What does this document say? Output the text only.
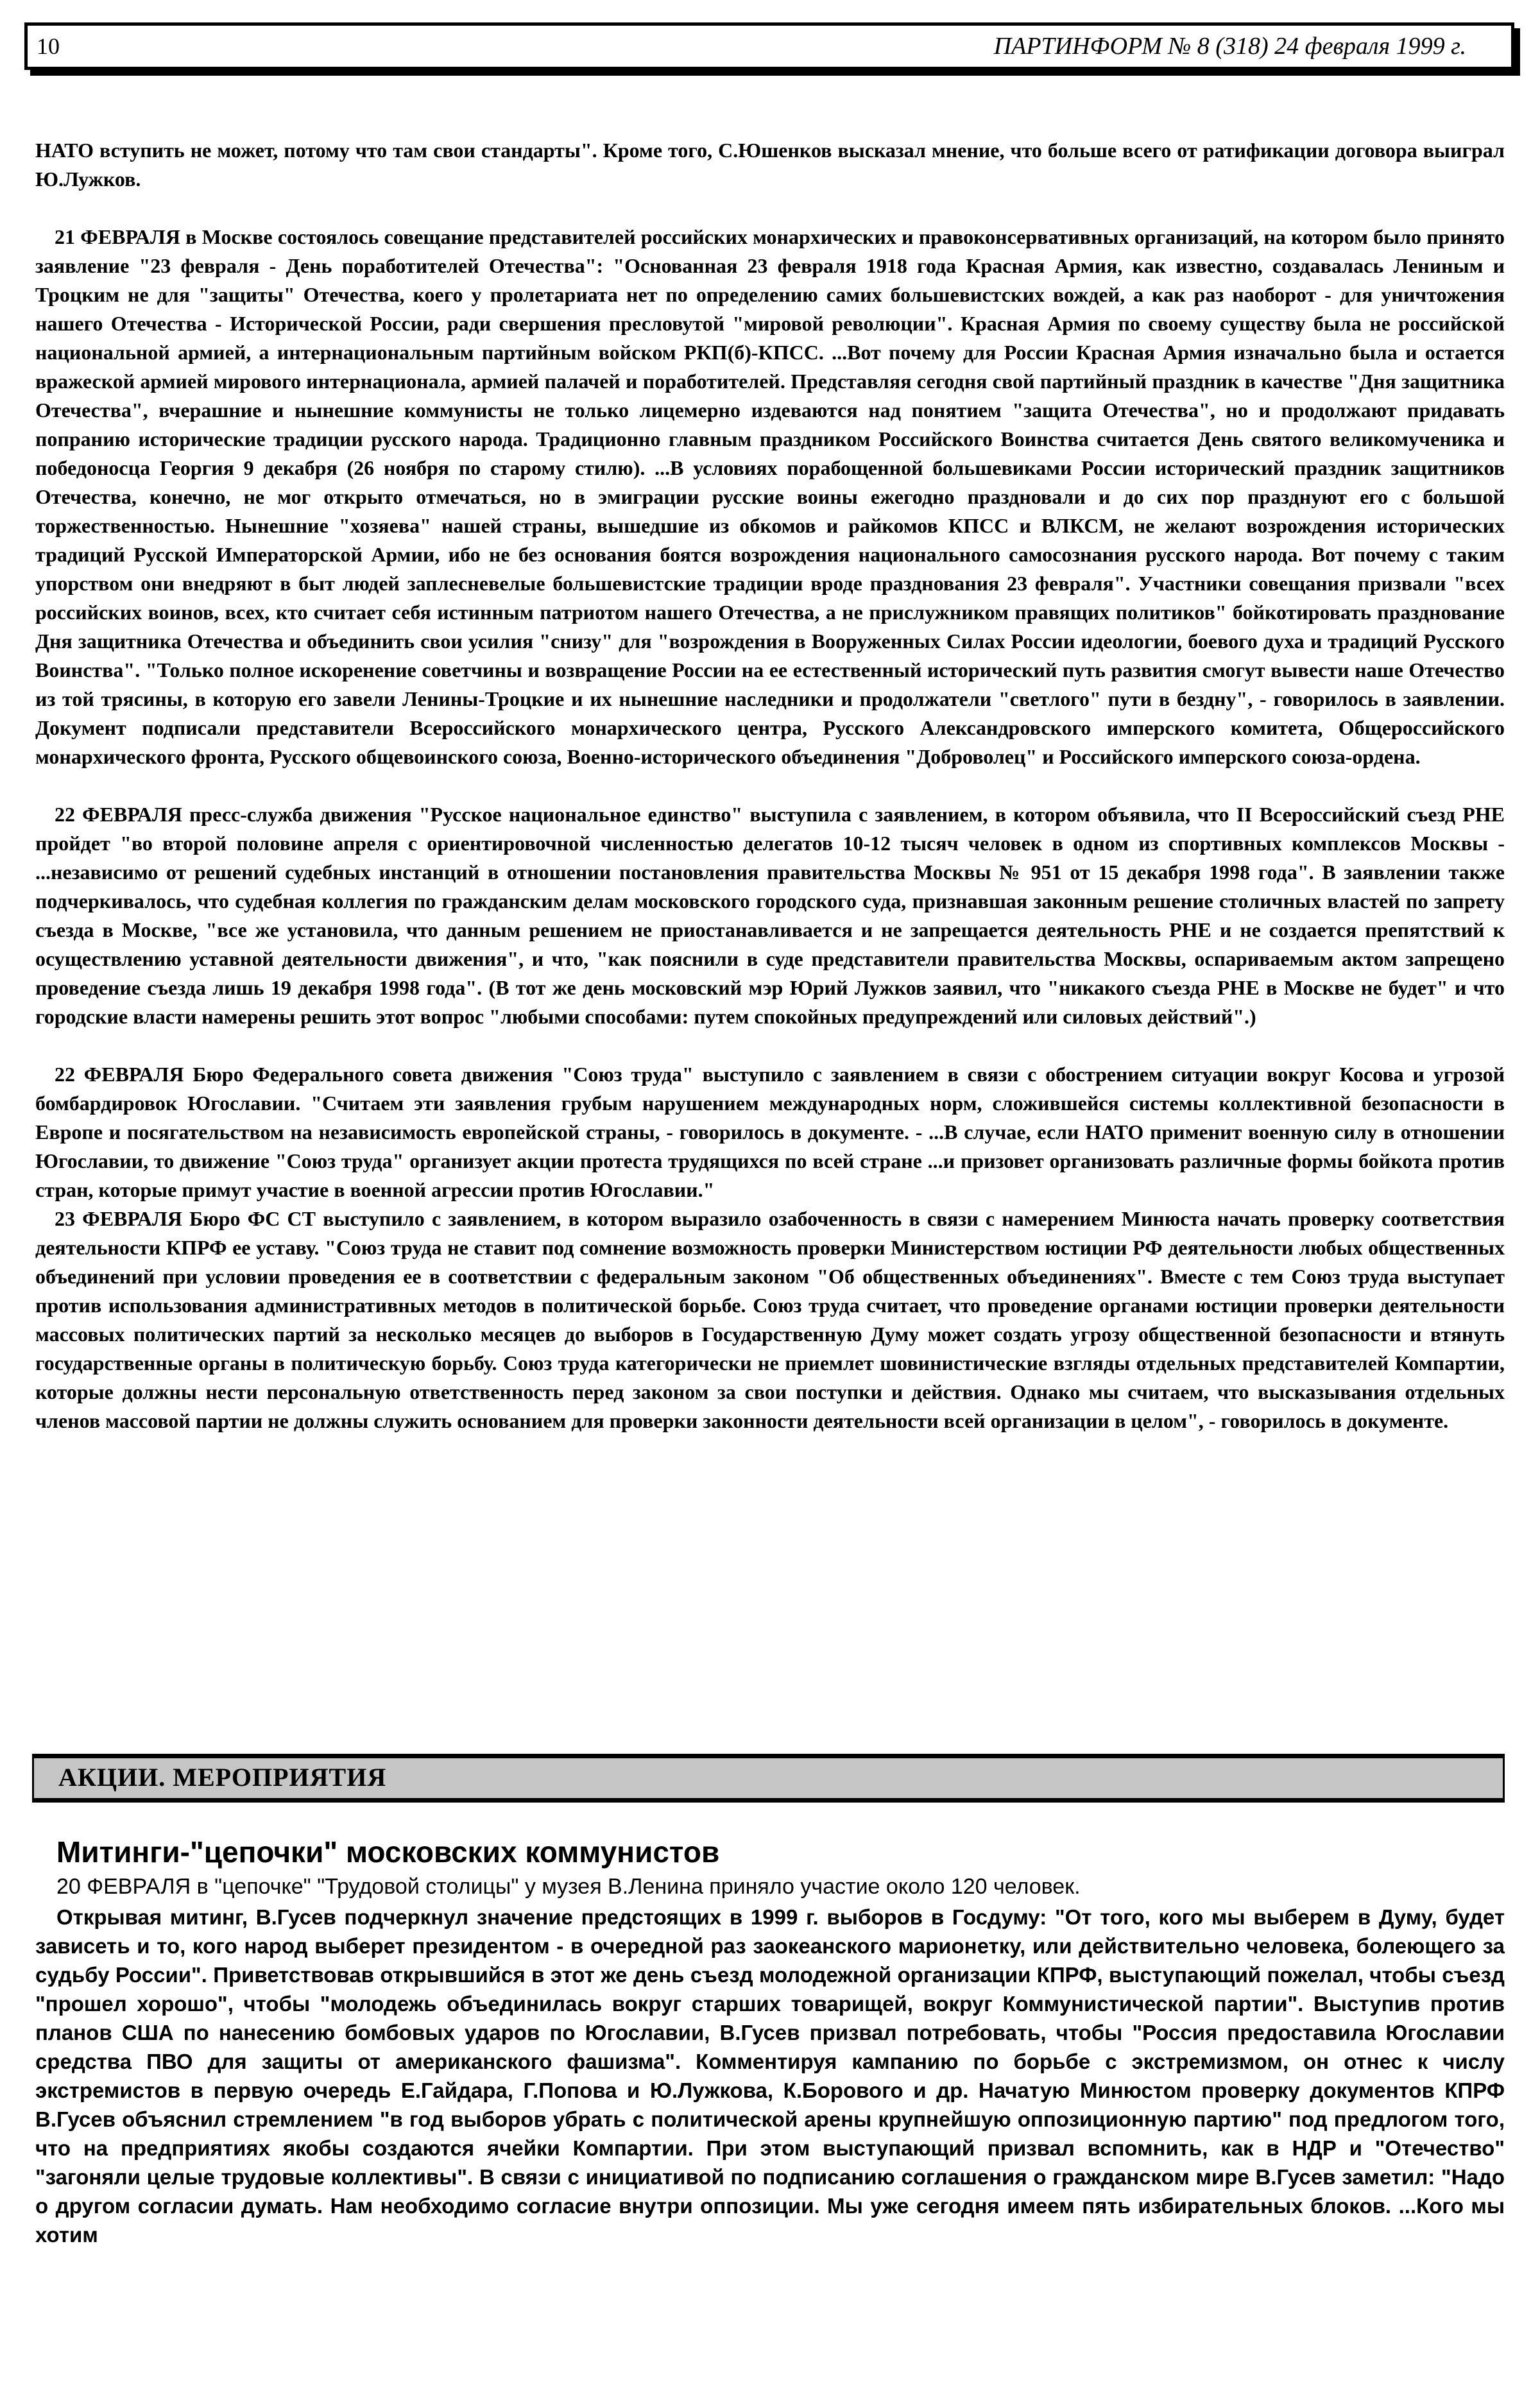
10	ПАРТИНФОРМ № 8 (318) 24 февраля 1999 г.

НАТО вступить не может, потому что там свои стандарты". Кроме того, С.Юшенков высказал мнение, что больше всего от ратификации договора выиграл Ю.Лужков.

21 ФЕВРАЛЯ в Москве состоялось совещание представителей российских монархических и правоконсервативных организаций, на котором было принято заявление "23 февраля - День поработителей Отечества": "Основанная 23 февраля 1918 года Красная Армия, как известно, создавалась Лениным и Троцким не для "защиты" Отечества, коего у пролетариата нет по определению самих большевистских вождей, а как раз наоборот - для уничтожения нашего Отечества - Исторической России, ради свершения пресловутой "мировой революции". Красная Армия по своему существу была не российской национальной армией, а интернациональным партийным войском РКП(б)-КПСС. ...Вот почему для России Красная Армия изначально была и остается вражеской армией мирового интернационала, армией палачей и поработителей. Представляя сегодня свой партийный праздник в качестве "Дня защитника Отечества", вчерашние и нынешние коммунисты не только лицемерно издеваются над понятием "защита Отечества", но и продолжают придавать попранию исторические традиции русского народа. Традиционно главным праздником Российского Воинства считается День святого великомученика и победоносца Георгия 9 декабря (26 ноября по старому стилю). ...В условиях порабощенной большевиками России исторический праздник защитников Отечества, конечно, не мог открыто отмечаться, но в эмиграции русские воины ежегодно праздновали и до сих пор празднуют его с большой торжественностью. Нынешние "хозяева" нашей страны, вышедшие из обкомов и райкомов КПСС и ВЛКСМ, не желают возрождения исторических традиций Русской Императорской Армии, ибо не без основания боятся возрождения национального самосознания русского народа. Вот почему с таким упорством они внедряют в быт людей заплесневелые большевистские традиции вроде празднования 23 февраля". Участники совещания призвали "всех российских воинов, всех, кто считает себя истинным патриотом нашего Отечества, а не прислужником правящих политиков" бойкотировать празднование Дня защитника Отечества и объединить свои усилия "снизу" для "возрождения в Вооруженных Силах России идеологии, боевого духа и традиций Русского Воинства". "Только полное искоренение советчины и возвращение России на ее естественный исторический путь развития смогут вывести наше Отечество из той трясины, в которую его завели Ленины-Троцкие и их нынешние наследники и продолжатели "светлого" пути в бездну", - говорилось в заявлении. Документ подписали представители Всероссийского монархического центра, Русского Александровского имперского комитета, Общероссийского монархического фронта, Русского общевоинского союза, Военно-исторического объединения "Доброволец" и Российского имперского союза-ордена.

22 ФЕВРАЛЯ пресс-служба движения "Русское национальное единство" выступила с заявлением, в котором объявила, что II Всероссийский съезд РНЕ пройдет "во второй половине апреля с ориентировочной численностью делегатов 10-12 тысяч человек в одном из спортивных комплексов Москвы - ...независимо от решений судебных инстанций в отношении постановления правительства Москвы № 951 от 15 декабря 1998 года". В заявлении также подчеркивалось, что судебная коллегия по гражданским делам московского городского суда, признавшая законным решение столичных властей по запрету съезда в Москве, "все же установила, что данным решением не приостанавливается и не запрещается деятельность РНЕ и не создается препятствий к осуществлению уставной деятельности движения", и что, "как пояснили в суде представители правительства Москвы, оспариваемым актом запрещено проведение съезда лишь 19 декабря 1998 года". (В тот же день московский мэр Юрий Лужков заявил, что "никакого съезда РНЕ в Москве не будет" и что городские власти намерены решить этот вопрос "любыми способами: путем спокойных предупреждений или силовых действий".)

22 ФЕВРАЛЯ Бюро Федерального совета движения "Союз труда" выступило с заявлением в связи с обострением ситуации вокруг Косова и угрозой бомбардировок Югославии. "Считаем эти заявления грубым нарушением международных норм, сложившейся системы коллективной безопасности в Европе и посягательством на независимость европейской страны, - говорилось в документе. - ...В случае, если НАТО применит военную силу в отношении Югославии, то движение "Союз труда" организует акции протеста трудящихся по всей стране ...и призовет организовать различные формы бойкота против стран, которые примут участие в военной агрессии против Югославии."

23 ФЕВРАЛЯ Бюро ФС СТ выступило с заявлением, в котором выразило озабоченность в связи с намерением Минюста начать проверку соответствия деятельности КПРФ ее уставу. "Союз труда не ставит под сомнение возможность проверки Министерством юстиции РФ деятельности любых общественных объединений при условии проведения ее в соответствии с федеральным законом "Об общественных объединениях". Вместе с тем Союз труда выступает против использования административных методов в политической борьбе. Союз труда считает, что проведение органами юстиции проверки деятельности массовых политических партий за несколько месяцев до выборов в Государственную Думу может создать угрозу общественной безопасности и втянуть государственные органы в политическую борьбу. Союз труда категорически не приемлет шовинистические взгляды отдельных представителей Компартии, которые должны нести персональную ответственность перед законом за свои поступки и действия. Однако мы считаем, что высказывания отдельных членов массовой партии не должны служить основанием для проверки законности деятельности всей организации в целом", - говорилось в документе.

АКЦИИ. МЕРОПРИЯТИЯ
Митинги-"цепочки" московских коммунистов

20 ФЕВРАЛЯ в "цепочке" "Трудовой столицы" у музея В.Ленина приняло участие около 120 человек.

Открывая митинг, В.Гусев подчеркнул значение предстоящих в 1999 г. выборов в Госдуму: "От того, кого мы выберем в Думу, будет зависеть и то, кого народ выберет президентом - в очередной раз заокеанского марионетку, или действительно человека, болеющего за судьбу России". Приветствовав открывшийся в этот же день съезд молодежной организации КПРФ, выступающий пожелал, чтобы съезд "прошел хорошо", чтобы "молодежь объединилась вокруг старших товарищей, вокруг Коммунистической партии". Выступив против планов США по нанесению бомбовых ударов по Югославии, В.Гусев призвал потребовать, чтобы "Россия предоставила Югославии средства ПВО для защиты от американского фашизма". Комментируя кампанию по борьбе с экстремизмом, он отнес к числу экстремистов в первую очередь Е.Гайдара, Г.Попова и Ю.Лужкова, К.Борового и др. Начатую Минюстом проверку документов КПРФ В.Гусев объяснил стремлением "в год выборов убрать с политической арены крупнейшую оппозиционную партию" под предлогом того, что на предприятиях якобы создаются ячейки Компартии. При этом выступающий призвал вспомнить, как в НДР и "Отечество" "загоняли целые трудовые коллективы". В связи с инициативой по подписанию соглашения о гражданском мире В.Гусев заметил: "Надо о другом согласии думать. Нам необходимо согласие внутри оппозиции. Мы уже сегодня имеем пять избирательных блоков. ...Кого мы хотим
